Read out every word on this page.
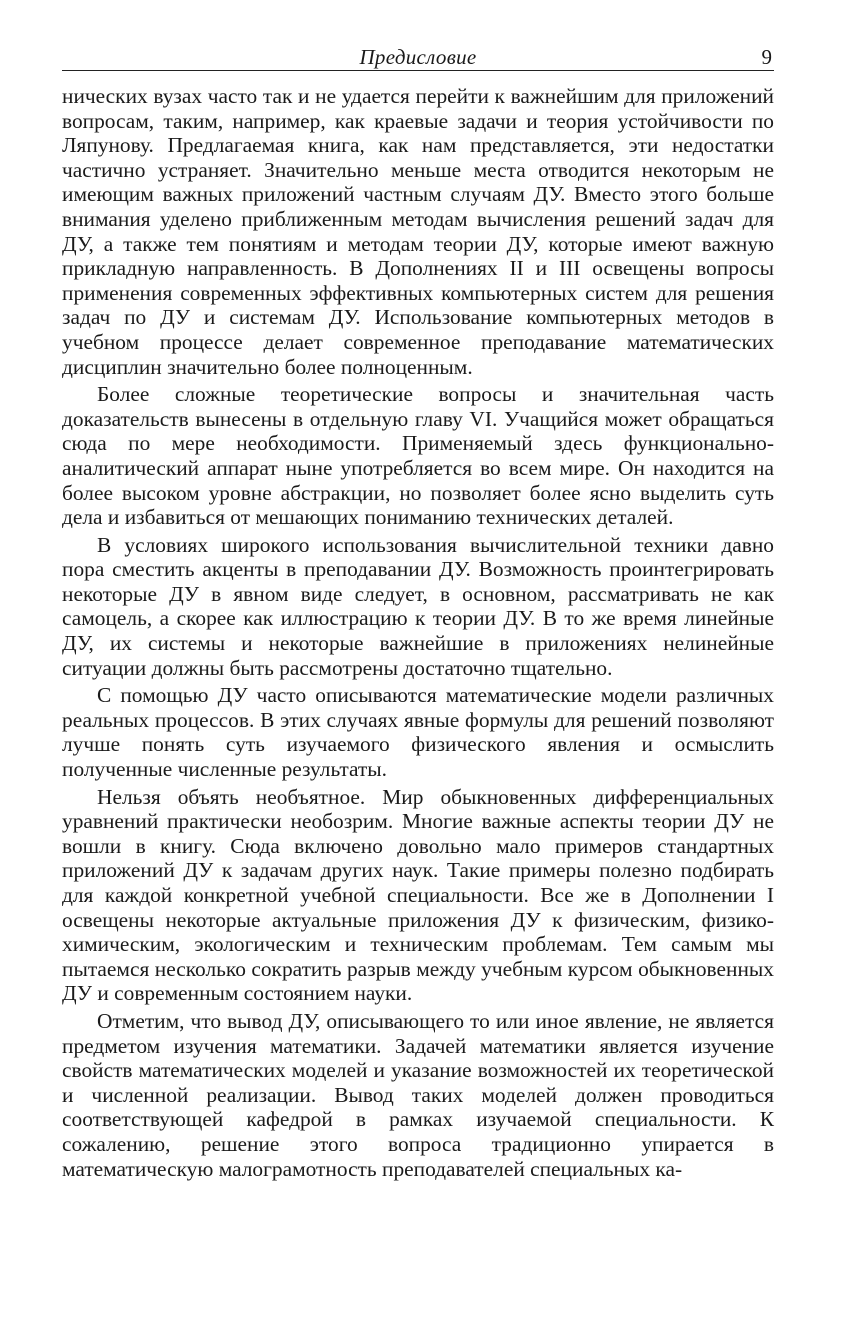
Предисловие	9

нических вузах часто так и не удается перейти к важнейшим для приложений вопросам, таким, например, как краевые задачи и теория устойчивости по Ляпунову. Предлагаемая книга, как нам представляется, эти недостатки частично устраняет. Значительно меньше места отводится некоторым не имеющим важных приложений частным случаям ДУ. Вместо этого больше внимания уделено приближенным методам вычисления решений задач для ДУ, а также тем понятиям и методам теории ДУ, которые имеют важную прикладную направленность. В Дополнениях II и III освещены вопросы применения современных эффективных компьютерных систем для решения задач по ДУ и системам ДУ. Использование компьютерных методов в учебном процессе делает современное преподавание математических дисциплин значительно более полноценным.

Более сложные теоретические вопросы и значительная часть доказательств вынесены в отдельную главу VI. Учащийся может обращаться сюда по мере необходимости. Применяемый здесь функционально-аналитический аппарат ныне употребляется во всем мире. Он находится на более высоком уровне абстракции, но позволяет более ясно выделить суть дела и избавиться от мешающих пониманию технических деталей.

В условиях широкого использования вычислительной техники давно пора сместить акценты в преподавании ДУ. Возможность проинтегрировать некоторые ДУ в явном виде следует, в основном, рассматривать не как самоцель, а скорее как иллюстрацию к теории ДУ. В то же время линейные ДУ, их системы и некоторые важнейшие в приложениях нелинейные ситуации должны быть рассмотрены достаточно тщательно.

С помощью ДУ часто описываются математические модели различных реальных процессов. В этих случаях явные формулы для решений позволяют лучше понять суть изучаемого физического явления и осмыслить полученные численные результаты.

Нельзя объять необъятное. Мир обыкновенных дифференциальных уравнений практически необозрим. Многие важные аспекты теории ДУ не вошли в книгу. Сюда включено довольно мало примеров стандартных приложений ДУ к задачам других наук. Такие примеры полезно подбирать для каждой конкретной учебной специальности. Все же в Дополнении I освещены некоторые актуальные приложения ДУ к физическим, физико-химическим, экологическим и техническим проблемам. Тем самым мы пытаемся несколько сократить разрыв между учебным курсом обыкновенных ДУ и современным состоянием науки.

Отметим, что вывод ДУ, описывающего то или иное явление, не является предметом изучения математики. Задачей математики является изучение свойств математических моделей и указание возможностей их теоретической и численной реализации. Вывод таких моделей должен проводиться соответствующей кафедрой в рамках изучаемой специальности. К сожалению, решение этого вопроса традиционно упирается в математическую малограмотность преподавателей специальных ка-
